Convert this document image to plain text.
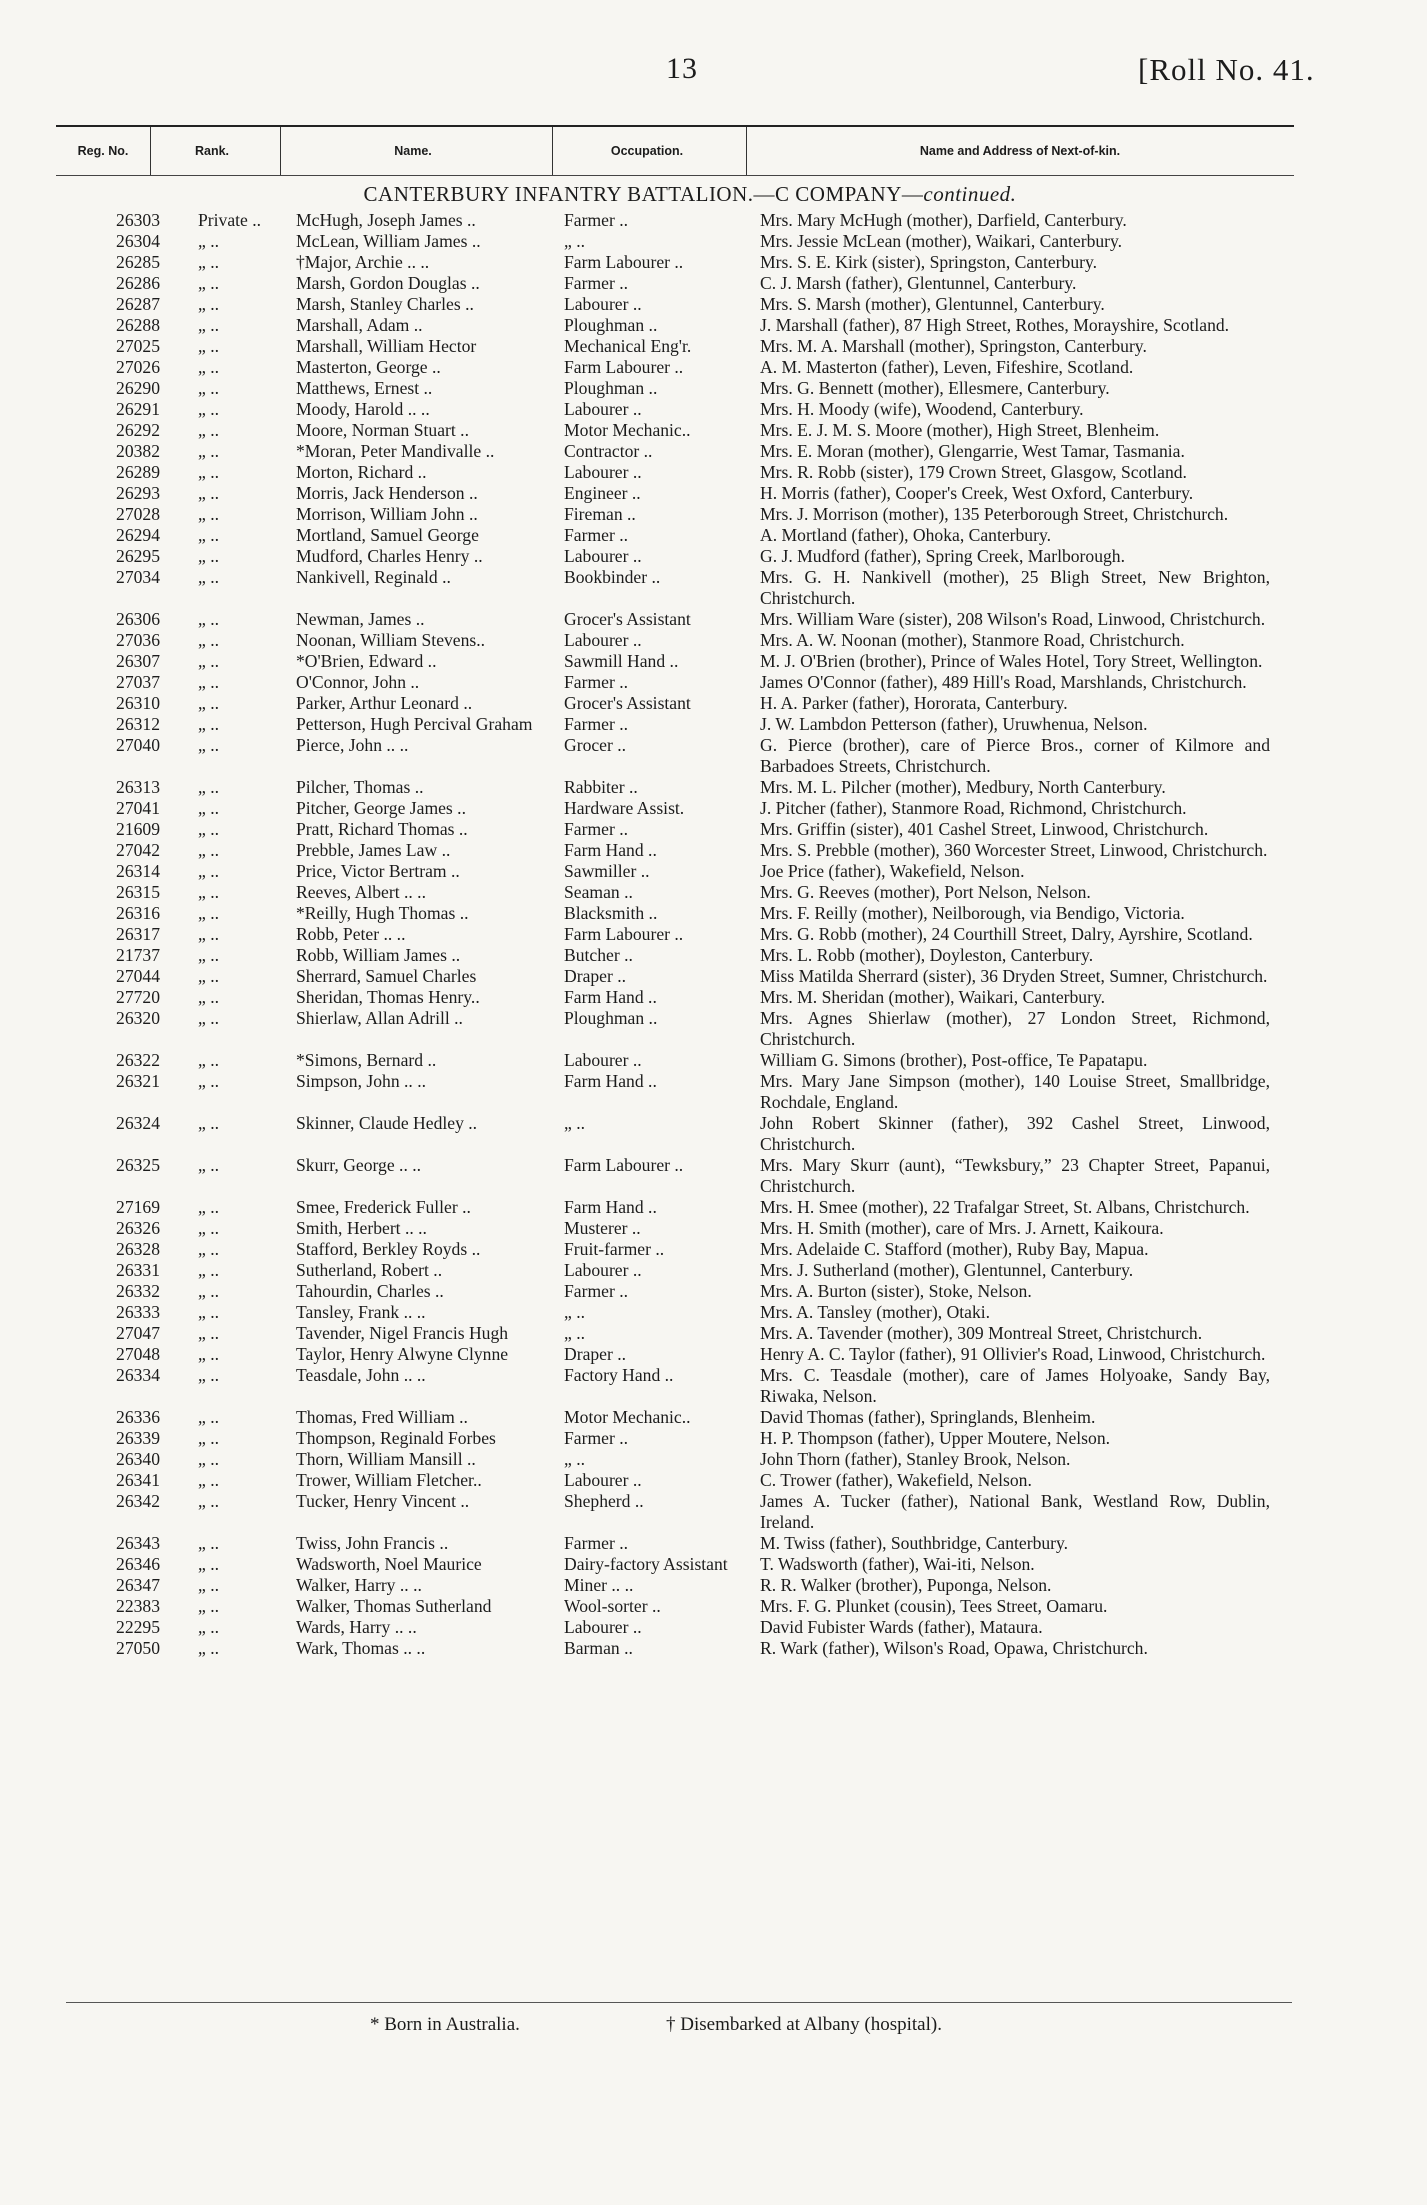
13	[Roll No. 41.
Reg. No.	Rank.	Name.	Occupation.	Name and Address of Next-of-kin.
CANTERBURY INFANTRY BATTALION.—C COMPANY—continued.
26303	Private ..	McHugh, Joseph James ..	Farmer ..	Mrs. Mary McHugh (mother), Darfield, Canterbury.
26304	„ ..	McLean, William James ..	„ ..	Mrs. Jessie McLean (mother), Waikari, Canterbury.
26285	„ ..	†Major, Archie .. ..	Farm Labourer ..	Mrs. S. E. Kirk (sister), Springston, Canterbury.
26286	„ ..	Marsh, Gordon Douglas ..	Farmer ..	C. J. Marsh (father), Glentunnel, Canterbury.
26287	„ ..	Marsh, Stanley Charles ..	Labourer ..	Mrs. S. Marsh (mother), Glentunnel, Canterbury.
26288	„ ..	Marshall, Adam ..	Ploughman ..	J. Marshall (father), 87 High Street, Rothes, Morayshire, Scotland.
27025	„ ..	Marshall, William Hector	Mechanical Eng'r.	Mrs. M. A. Marshall (mother), Springston, Canterbury.
27026	„ ..	Masterton, George ..	Farm Labourer ..	A. M. Masterton (father), Leven, Fifeshire, Scotland.
26290	„ ..	Matthews, Ernest ..	Ploughman ..	Mrs. G. Bennett (mother), Ellesmere, Canterbury.
26291	„ ..	Moody, Harold .. ..	Labourer ..	Mrs. H. Moody (wife), Woodend, Canterbury.
26292	„ ..	Moore, Norman Stuart ..	Motor Mechanic..	Mrs. E. J. M. S. Moore (mother), High Street, Blenheim.
20382	„ ..	*Moran, Peter Mandivalle ..	Contractor ..	Mrs. E. Moran (mother), Glengarrie, West Tamar, Tasmania.
26289	„ ..	Morton, Richard ..	Labourer ..	Mrs. R. Robb (sister), 179 Crown Street, Glasgow, Scotland.
26293	„ ..	Morris, Jack Henderson ..	Engineer ..	H. Morris (father), Cooper's Creek, West Oxford, Canterbury.
27028	„ ..	Morrison, William John ..	Fireman ..	Mrs. J. Morrison (mother), 135 Peterborough Street, Christchurch.
26294	„ ..	Mortland, Samuel George	Farmer ..	A. Mortland (father), Ohoka, Canterbury.
26295	„ ..	Mudford, Charles Henry ..	Labourer ..	G. J. Mudford (father), Spring Creek, Marlborough.
27034	„ ..	Nankivell, Reginald ..	Bookbinder ..	Mrs. G. H. Nankivell (mother), 25 Bligh Street, New Brighton, Christchurch.
26306	„ ..	Newman, James ..	Grocer's Assistant	Mrs. William Ware (sister), 208 Wilson's Road, Linwood, Christchurch.
27036	„ ..	Noonan, William Stevens..	Labourer ..	Mrs. A. W. Noonan (mother), Stanmore Road, Christchurch.
26307	„ ..	*O'Brien, Edward ..	Sawmill Hand ..	M. J. O'Brien (brother), Prince of Wales Hotel, Tory Street, Wellington.
27037	„ ..	O'Connor, John ..	Farmer ..	James O'Connor (father), 489 Hill's Road, Marshlands, Christchurch.
26310	„ ..	Parker, Arthur Leonard ..	Grocer's Assistant	H. A. Parker (father), Hororata, Canterbury.
26312	„ ..	Petterson, Hugh Percival Graham	Farmer ..	J. W. Lambdon Petterson (father), Uruwhenua, Nelson.
27040	„ ..	Pierce, John .. ..	Grocer ..	G. Pierce (brother), care of Pierce Bros., corner of Kilmore and Barbadoes Streets, Christchurch.
26313	„ ..	Pilcher, Thomas ..	Rabbiter ..	Mrs. M. L. Pilcher (mother), Medbury, North Canterbury.
27041	„ ..	Pitcher, George James ..	Hardware Assist.	J. Pitcher (father), Stanmore Road, Richmond, Christchurch.
21609	„ ..	Pratt, Richard Thomas ..	Farmer ..	Mrs. Griffin (sister), 401 Cashel Street, Linwood, Christchurch.
27042	„ ..	Prebble, James Law ..	Farm Hand ..	Mrs. S. Prebble (mother), 360 Worcester Street, Linwood, Christchurch.
26314	„ ..	Price, Victor Bertram ..	Sawmiller ..	Joe Price (father), Wakefield, Nelson.
26315	„ ..	Reeves, Albert .. ..	Seaman ..	Mrs. G. Reeves (mother), Port Nelson, Nelson.
26316	„ ..	*Reilly, Hugh Thomas ..	Blacksmith ..	Mrs. F. Reilly (mother), Neilborough, via Bendigo, Victoria.
26317	„ ..	Robb, Peter .. ..	Farm Labourer ..	Mrs. G. Robb (mother), 24 Courthill Street, Dalry, Ayrshire, Scotland.
21737	„ ..	Robb, William James ..	Butcher ..	Mrs. L. Robb (mother), Doyleston, Canterbury.
27044	„ ..	Sherrard, Samuel Charles	Draper ..	Miss Matilda Sherrard (sister), 36 Dryden Street, Sumner, Christchurch.
27720	„ ..	Sheridan, Thomas Henry..	Farm Hand ..	Mrs. M. Sheridan (mother), Waikari, Canterbury.
26320	„ ..	Shierlaw, Allan Adrill ..	Ploughman ..	Mrs. Agnes Shierlaw (mother), 27 London Street, Richmond, Christchurch.
26322	„ ..	*Simons, Bernard ..	Labourer ..	William G. Simons (brother), Post-office, Te Papatapu.
26321	„ ..	Simpson, John .. ..	Farm Hand ..	Mrs. Mary Jane Simpson (mother), 140 Louise Street, Smallbridge, Rochdale, England.
26324	„ ..	Skinner, Claude Hedley ..	„ ..	John Robert Skinner (father), 392 Cashel Street, Linwood, Christchurch.
26325	„ ..	Skurr, George .. ..	Farm Labourer ..	Mrs. Mary Skurr (aunt), “Tewksbury,” 23 Chapter Street, Papanui, Christchurch.
27169	„ ..	Smee, Frederick Fuller ..	Farm Hand ..	Mrs. H. Smee (mother), 22 Trafalgar Street, St. Albans, Christchurch.
26326	„ ..	Smith, Herbert .. ..	Musterer ..	Mrs. H. Smith (mother), care of Mrs. J. Arnett, Kaikoura.
26328	„ ..	Stafford, Berkley Royds ..	Fruit-farmer ..	Mrs. Adelaide C. Stafford (mother), Ruby Bay, Mapua.
26331	„ ..	Sutherland, Robert ..	Labourer ..	Mrs. J. Sutherland (mother), Glentunnel, Canterbury.
26332	„ ..	Tahourdin, Charles ..	Farmer ..	Mrs. A. Burton (sister), Stoke, Nelson.
26333	„ ..	Tansley, Frank .. ..	„ ..	Mrs. A. Tansley (mother), Otaki.
27047	„ ..	Tavender, Nigel Francis Hugh	„ ..	Mrs. A. Tavender (mother), 309 Montreal Street, Christchurch.
27048	„ ..	Taylor, Henry Alwyne Clynne	Draper ..	Henry A. C. Taylor (father), 91 Ollivier's Road, Linwood, Christchurch.
26334	„ ..	Teasdale, John .. ..	Factory Hand ..	Mrs. C. Teasdale (mother), care of James Holyoake, Sandy Bay, Riwaka, Nelson.
26336	„ ..	Thomas, Fred William ..	Motor Mechanic..	David Thomas (father), Springlands, Blenheim.
26339	„ ..	Thompson, Reginald Forbes	Farmer ..	H. P. Thompson (father), Upper Moutere, Nelson.
26340	„ ..	Thorn, William Mansill ..	„ ..	John Thorn (father), Stanley Brook, Nelson.
26341	„ ..	Trower, William Fletcher..	Labourer ..	C. Trower (father), Wakefield, Nelson.
26342	„ ..	Tucker, Henry Vincent ..	Shepherd ..	James A. Tucker (father), National Bank, Westland Row, Dublin, Ireland.
26343	„ ..	Twiss, John Francis ..	Farmer ..	M. Twiss (father), Southbridge, Canterbury.
26346	„ ..	Wadsworth, Noel Maurice	Dairy-factory Assistant	T. Wadsworth (father), Wai-iti, Nelson.
26347	„ ..	Walker, Harry .. ..	Miner .. ..	R. R. Walker (brother), Puponga, Nelson.
22383	„ ..	Walker, Thomas Sutherland	Wool-sorter ..	Mrs. F. G. Plunket (cousin), Tees Street, Oamaru.
22295	„ ..	Wards, Harry .. ..	Labourer ..	David Fubister Wards (father), Mataura.
27050	„ ..	Wark, Thomas .. ..	Barman ..	R. Wark (father), Wilson's Road, Opawa, Christchurch.
* Born in Australia.	† Disembarked at Albany (hospital).
